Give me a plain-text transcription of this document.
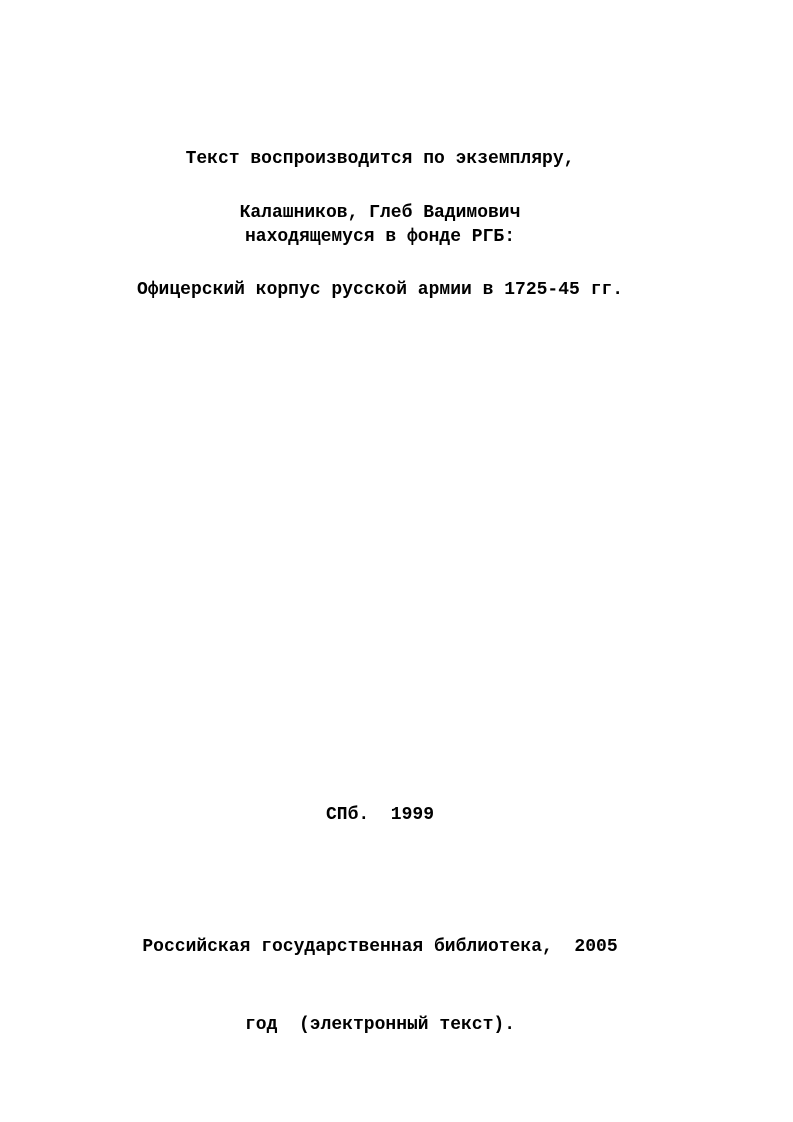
Текст воспроизводится по экземпляру,

находящемуся в фонде РГБ:

Калашников, Глеб Вадимович
Офицерский корпус русской армии в 1725-45 гг.
СПб.  1999

Российская государственная библиотека,  2005

год  (электронный текст).
